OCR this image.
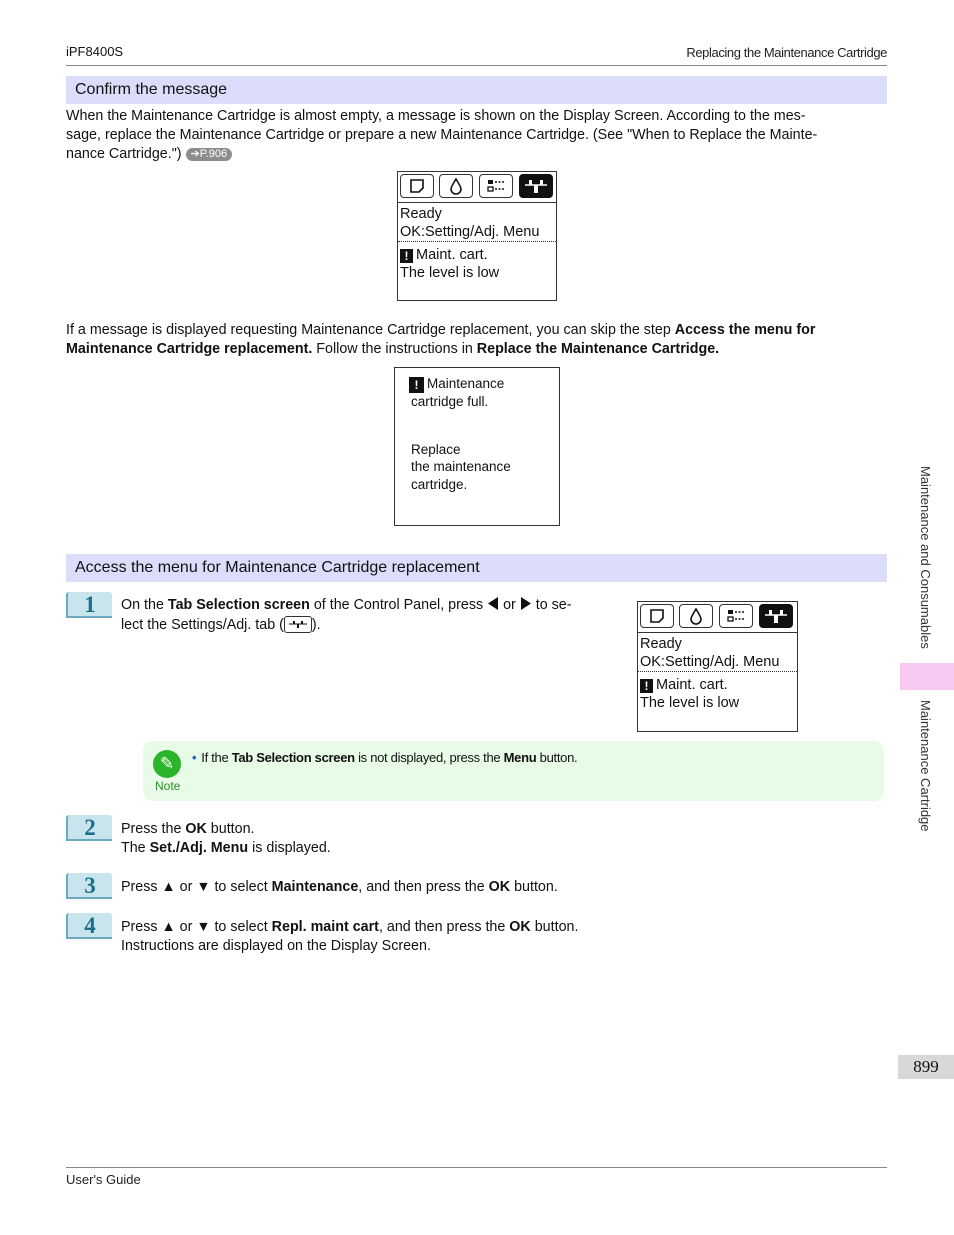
iPF8400S	Replacing the Maintenance Cartridge
Confirm the message
When the Maintenance Cartridge is almost empty, a message is shown on the Display Screen. According to the mes-
sage, replace the Maintenance Cartridge or prepare a new Maintenance Cartridge. (See "When to Replace the Mainte-
nance Cartridge.") ➔P.906
Ready
OK:Setting/Adj. Menu
! Maint. cart.
The level is low
If a message is displayed requesting Maintenance Cartridge replacement, you can skip the step Access the menu for
Maintenance Cartridge replacement. Follow the instructions in Replace the Maintenance Cartridge.
! Maintenance
cartridge full.
Replace
the maintenance
cartridge.
Access the menu for Maintenance Cartridge replacement
1	On the Tab Selection screen of the Control Panel, press  or  to se-
lect the Settings/Adj. tab ( ).
Ready
OK:Setting/Adj. Menu
! Maint. cart.
The level is low
✎
Note
• If the Tab Selection screen is not displayed, press the Menu button.
2	Press the OK button.
The Set./Adj. Menu is displayed.
3	Press ▲ or ▼ to select Maintenance, and then press the OK button.
4	Press ▲ or ▼ to select Repl. maint cart, and then press the OK button.
Instructions are displayed on the Display Screen.
Maintenance and Consumables
Maintenance Cartridge
899
User's Guide
